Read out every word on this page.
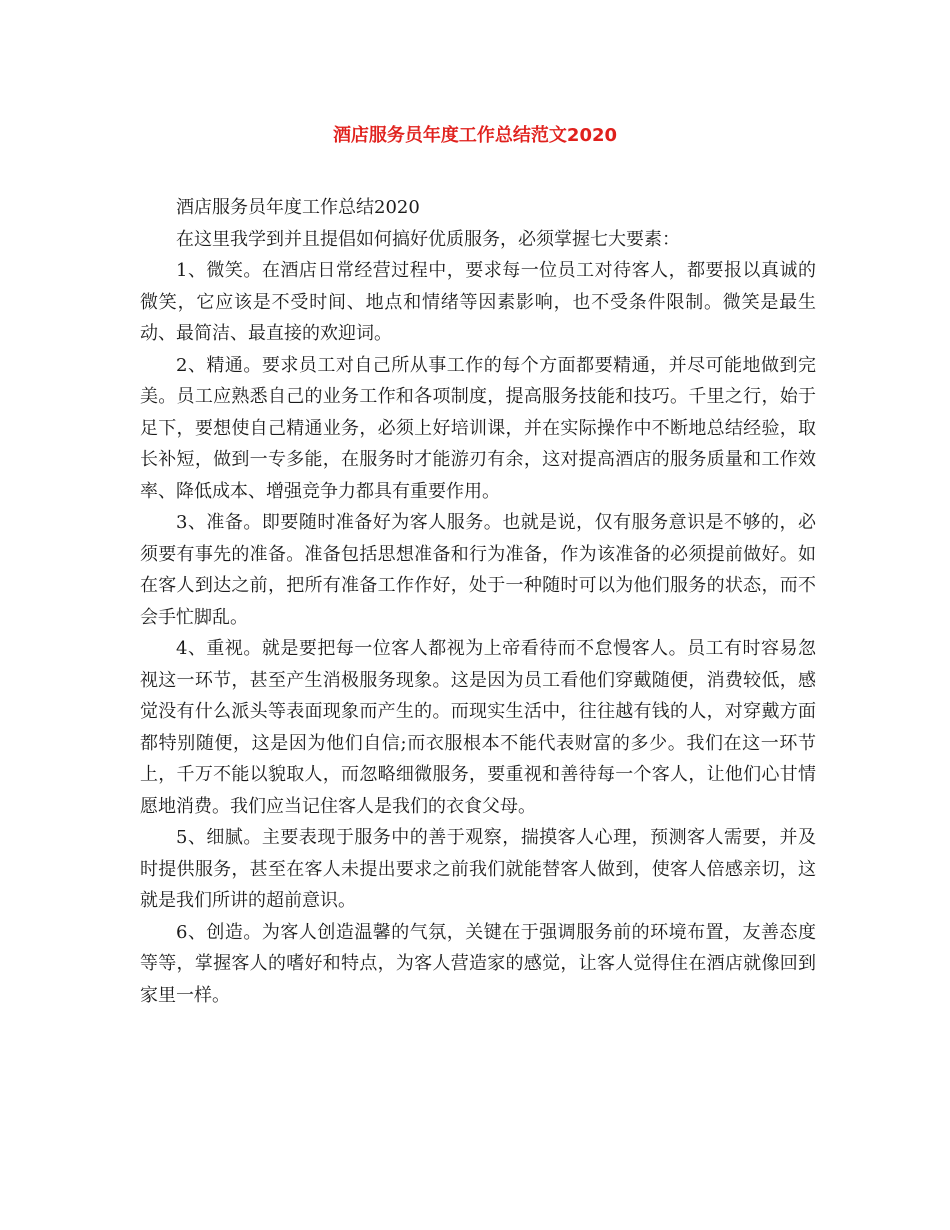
酒店服务员年度工作总结范文2020

酒店服务员年度工作总结2020

在这里我学到并且提倡如何搞好优质服务，必须掌握七大要素：

1、微笑。在酒店日常经营过程中，要求每一位员工对待客人，都要报以真诚的微笑，它应该是不受时间、地点和情绪等因素影响，也不受条件限制。微笑是最生动、最简洁、最直接的欢迎词。

2、精通。要求员工对自己所从事工作的每个方面都要精通，并尽可能地做到完美。员工应熟悉自己的业务工作和各项制度，提高服务技能和技巧。千里之行，始于足下，要想使自己精通业务，必须上好培训课，并在实际操作中不断地总结经验，取长补短，做到一专多能，在服务时才能游刃有余，这对提高酒店的服务质量和工作效率、降低成本、增强竞争力都具有重要作用。

3、准备。即要随时准备好为客人服务。也就是说，仅有服务意识是不够的，必须要有事先的准备。准备包括思想准备和行为准备，作为该准备的必须提前做好。如在客人到达之前，把所有准备工作作好，处于一种随时可以为他们服务的状态，而不会手忙脚乱。

4、重视。就是要把每一位客人都视为上帝看待而不怠慢客人。员工有时容易忽视这一环节，甚至产生消极服务现象。这是因为员工看他们穿戴随便，消费较低，感觉没有什么派头等表面现象而产生的。而现实生活中，往往越有钱的人，对穿戴方面都特别随便，这是因为他们自信;而衣服根本不能代表财富的多少。我们在这一环节上，千万不能以貌取人，而忽略细微服务，要重视和善待每一个客人，让他们心甘情愿地消费。我们应当记住客人是我们的衣食父母。

5、细腻。主要表现于服务中的善于观察，揣摸客人心理，预测客人需要，并及时提供服务，甚至在客人未提出要求之前我们就能替客人做到，使客人倍感亲切，这就是我们所讲的超前意识。

6、创造。为客人创造温馨的气氛，关键在于强调服务前的环境布置，友善态度等等，掌握客人的嗜好和特点，为客人营造家的感觉，让客人觉得住在酒店就像回到家里一样。
